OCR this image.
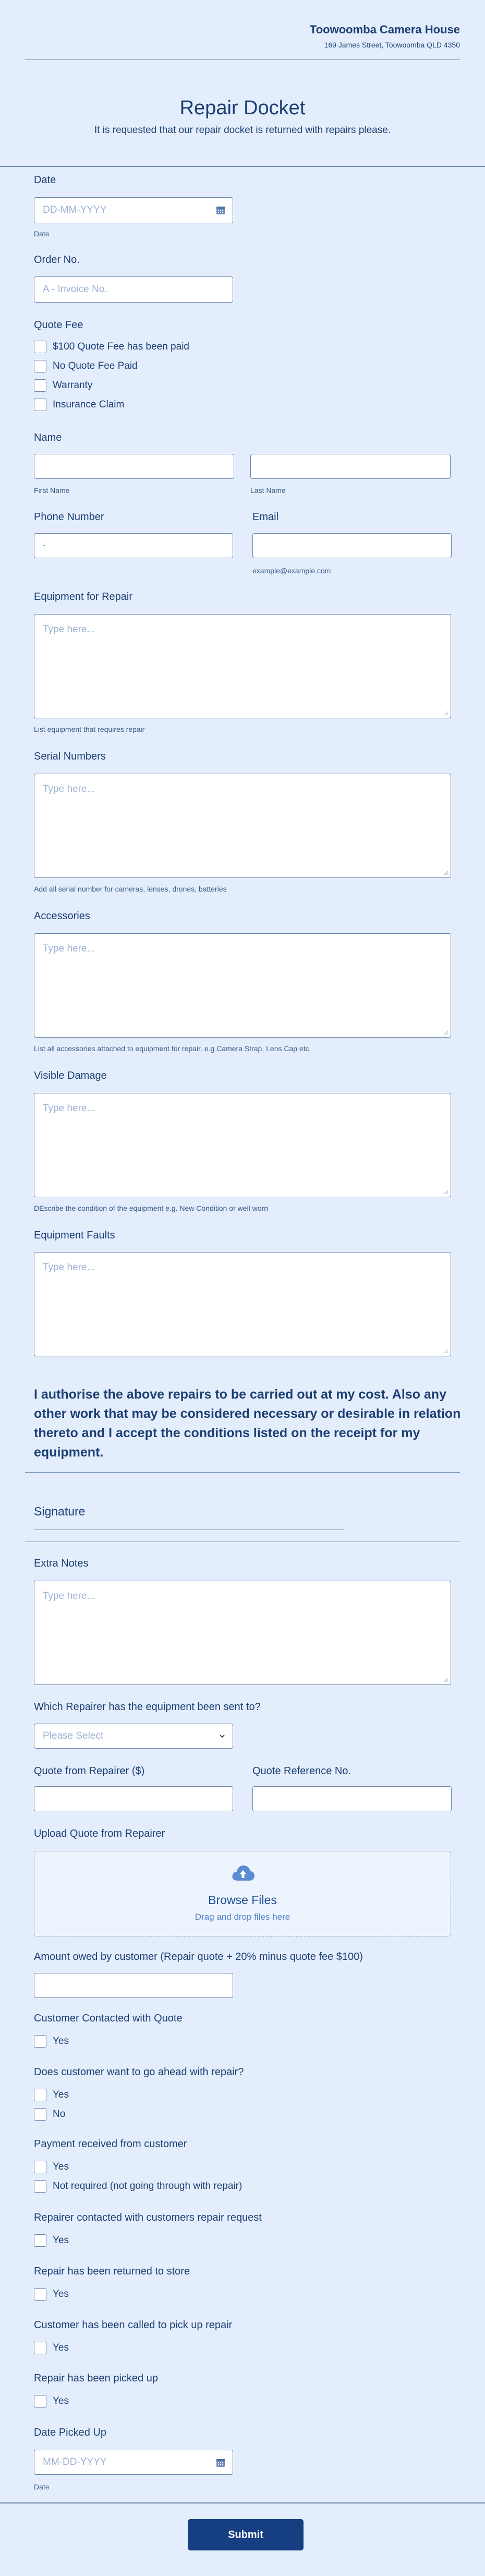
Toowoomba Camera House
169 James Street, Toowoomba QLD 4350
Repair Docket
It is requested that our repair docket is returned with repairs please.
Date
DD-MM-YYYY
Date
Order No.
A - Invoice No.
Quote Fee
$100 Quote Fee has been paid
No Quote Fee Paid
Warranty
Insurance Claim
Name
First Name	Last Name
Phone Number	Email
-
example@example.com
Equipment for Repair
Type here...
List equipment that requires repair
Serial Numbers
Type here...
Add all serial number for cameras, lenses, drones, batteries
Accessories
Type here...
List all accessories attached to equipment for repair. e.g Camera Strap, Lens Cap etc
Visible Damage
Type here...
DEscribe the condition of the equipment e.g. New Condition or well worn
Equipment Faults
Type here...
I authorise the above repairs to be carried out at my cost. Also any other work that may be considered necessary or desirable in relation thereto and I accept the conditions listed on the receipt for my equipment.
Signature
Extra Notes
Type here...
Which Repairer has the equipment been sent to?
Please Select
Quote from Repairer ($)	Quote Reference No.
Upload Quote from Repairer
Browse Files
Drag and drop files here
Amount owed by customer (Repair quote + 20% minus quote fee $100)
Customer Contacted with Quote
Yes
Does customer want to go ahead with repair?
Yes
No
Payment received from customer
Yes
Not required (not going through with repair)
Repairer contacted with customers repair request
Yes
Repair has been returned to store
Yes
Customer has been called to pick up repair
Yes
Repair has been picked up
Yes
Date Picked Up
MM-DD-YYYY
Date
Submit
